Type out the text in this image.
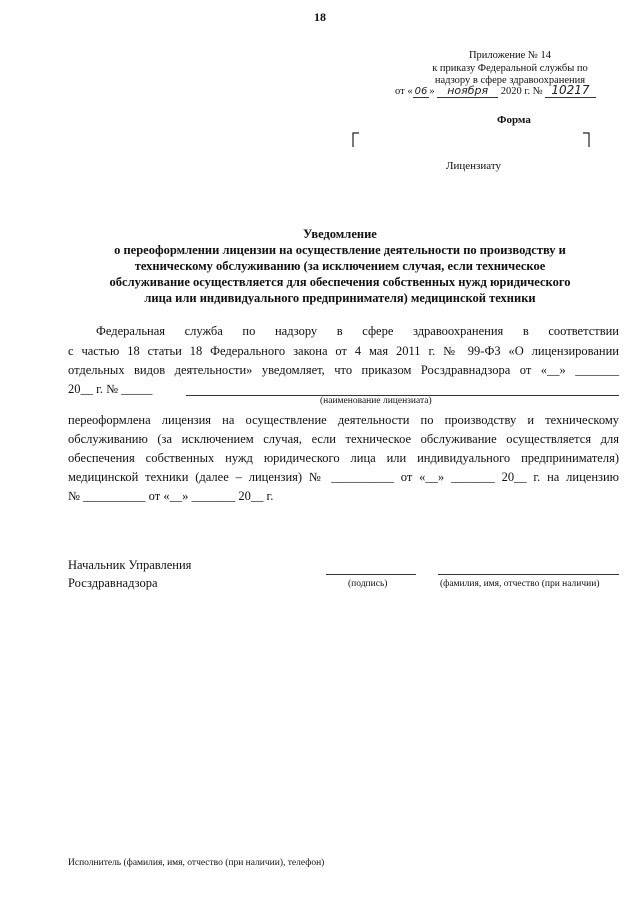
18
Приложение № 14
к приказу Федеральной службы по
надзору в сфере здравоохранения
от « 06 » ноября 2020 г. № 10217
Форма
Лицензиату
Уведомление
о переоформлении лицензии на осуществление деятельности по производству и
техническому обслуживанию (за исключением случая, если техническое
обслуживание осуществляется для обеспечения собственных нужд юридического
лица или индивидуального предпринимателя) медицинской техники
Федеральная служба по надзору в сфере здравоохранения в соответствии
с частью 18 статьи 18 Федерального закона от 4 мая 2011 г. № 99-ФЗ «О лицензировании
отдельных видов деятельности» уведомляет, что приказом Росздравнадзора от «__» _______
20__ г. № _____
(наименование лицензиата)
переоформлена лицензия на осуществление деятельности по производству и техническому
обслуживанию (за исключением случая, если техническое обслуживание осуществляется для
обеспечения собственных нужд юридического лица или индивидуального предпринимателя)
медицинской техники (далее – лицензия) № __________ от «__» _______ 20__ г. на лицензию
№ __________ от «__» _______ 20__ г.
Начальник Управления
Росздравнадзора	(подпись)	(фамилия, имя, отчество (при наличии)
Исполнитель (фамилия, имя, отчество (при наличии), телефон)
